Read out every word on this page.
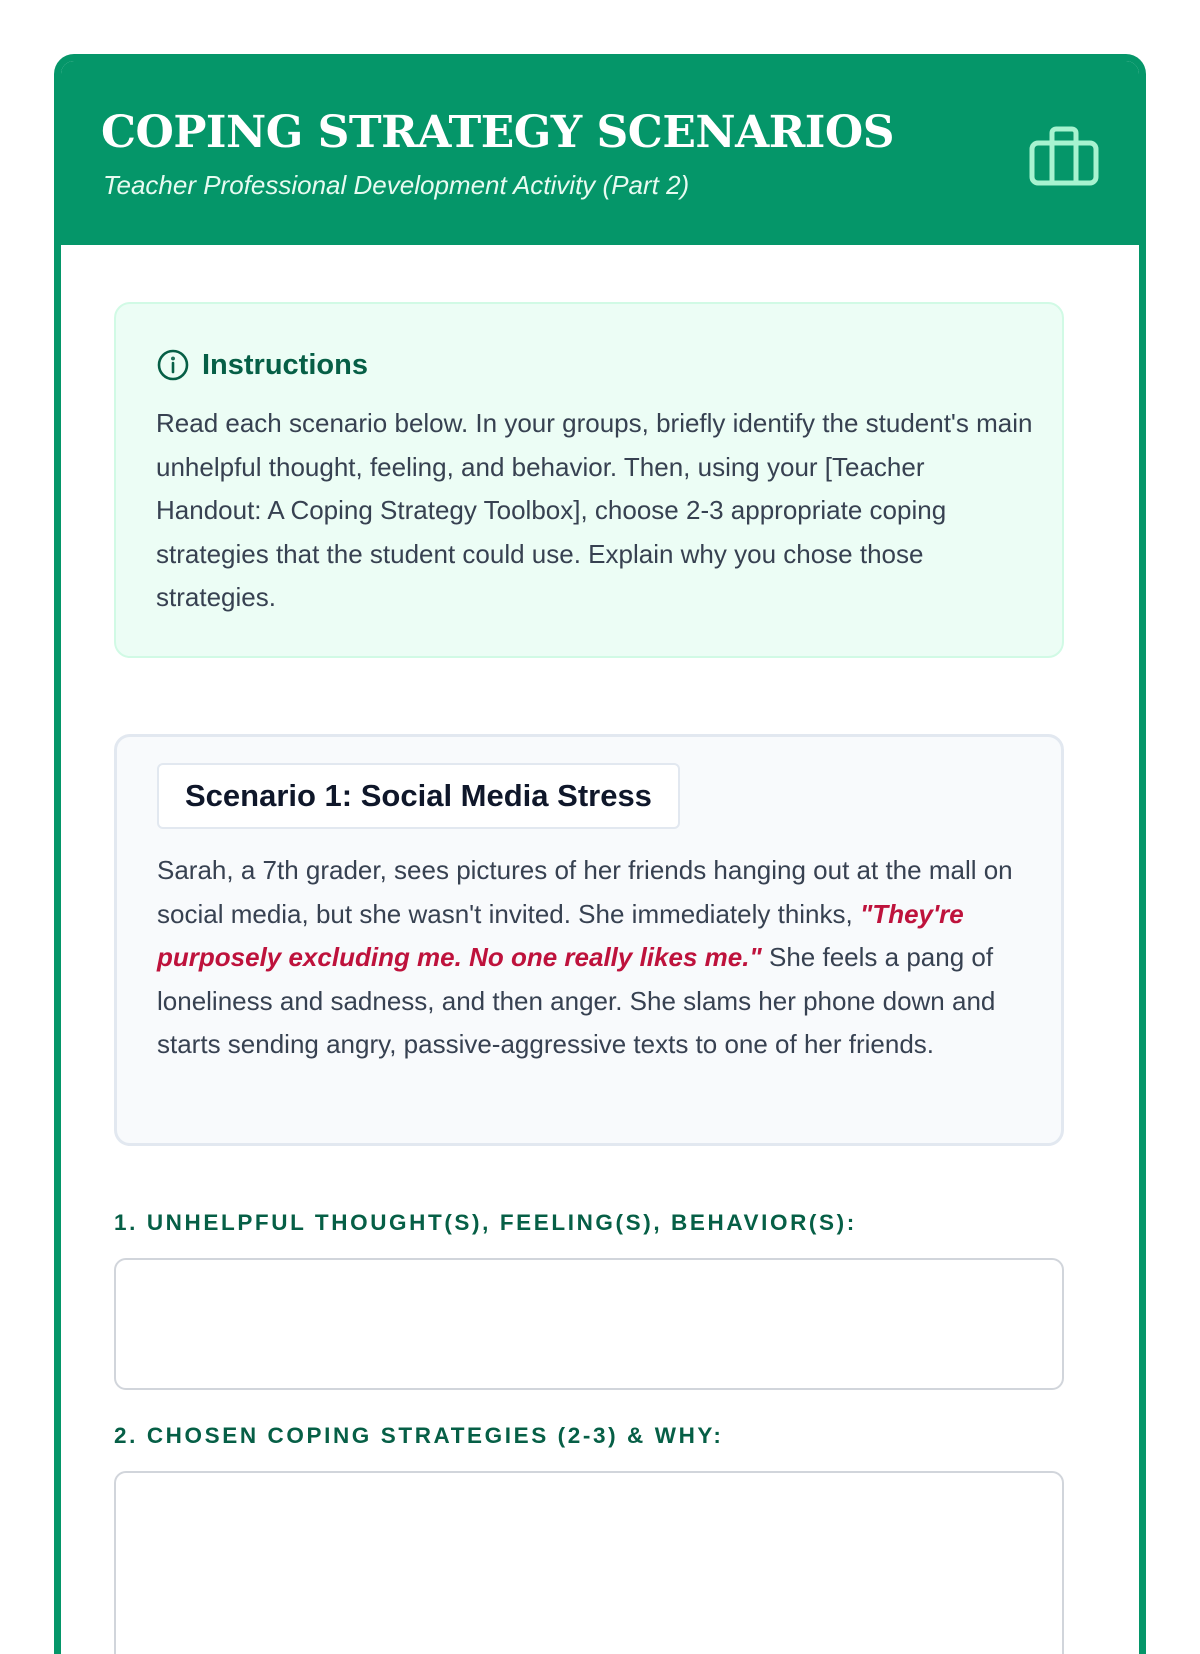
COPING STRATEGY SCENARIOS
Teacher Professional Development Activity (Part 2)
Instructions
Read each scenario below. In your groups, briefly identify the student's main unhelpful thought, feeling, and behavior. Then, using your [Teacher Handout: A Coping Strategy Toolbox], choose 2-3 appropriate coping strategies that the student could use. Explain why you chose those strategies.
Scenario 1: Social Media Stress
Sarah, a 7th grader, sees pictures of her friends hanging out at the mall on social media, but she wasn't invited. She immediately thinks, "They're purposely excluding me. No one really likes me." She feels a pang of loneliness and sadness, and then anger. She slams her phone down and starts sending angry, passive-aggressive texts to one of her friends.
1. UNHELPFUL THOUGHT(S), FEELING(S), BEHAVIOR(S):
2. CHOSEN COPING STRATEGIES (2-3) & WHY:
